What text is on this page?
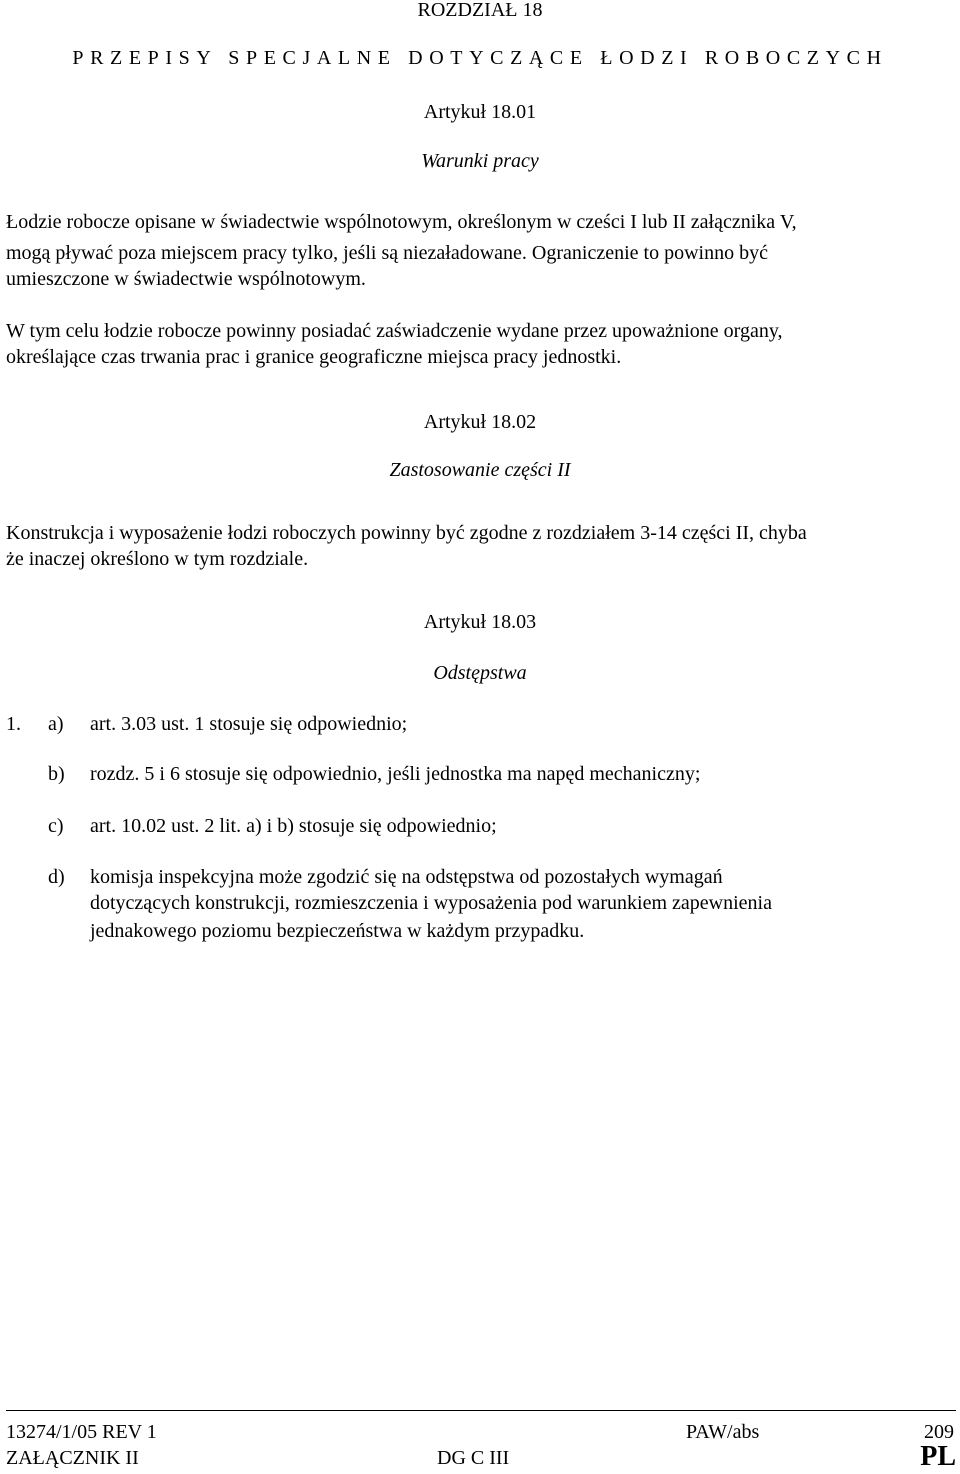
ROZDZIAŁ 18
PRZEPISY SPECJALNE DOTYCZĄCE ŁODZI ROBOCZYCH
Artykuł 18.01
Warunki pracy
Łodzie robocze opisane w świadectwie wspólnotowym, określonym w cześci I lub II załącznika V,
mogą pływać poza miejscem pracy tylko, jeśli są niezaładowane. Ograniczenie to powinno być
umieszczone w świadectwie wspólnotowym.
W tym celu łodzie robocze powinny posiadać zaświadczenie wydane przez upoważnione organy,
określające czas trwania prac i granice geograficzne miejsca pracy jednostki.
Artykuł 18.02
Zastosowanie części II
Konstrukcja i wyposażenie łodzi roboczych powinny być zgodne z rozdziałem 3-14 części II, chyba
że inaczej określono w tym rozdziale.
Artykuł 18.03
Odstępstwa
1. a) art. 3.03 ust. 1 stosuje się odpowiednio;
b) rozdz. 5 i 6 stosuje się odpowiednio, jeśli jednostka ma napęd mechaniczny;
c) art. 10.02 ust. 2 lit. a) i b) stosuje się odpowiednio;
d) komisja inspekcyjna może zgodzić się na odstępstwa od pozostałych wymagań
dotyczących konstrukcji, rozmieszczenia i wyposażenia pod warunkiem zapewnienia
jednakowego poziomu bezpieczeństwa w każdym przypadku.
13274/1/05 REV 1	PAW/abs	209
ZAŁĄCZNIK II	DG C III	PL
